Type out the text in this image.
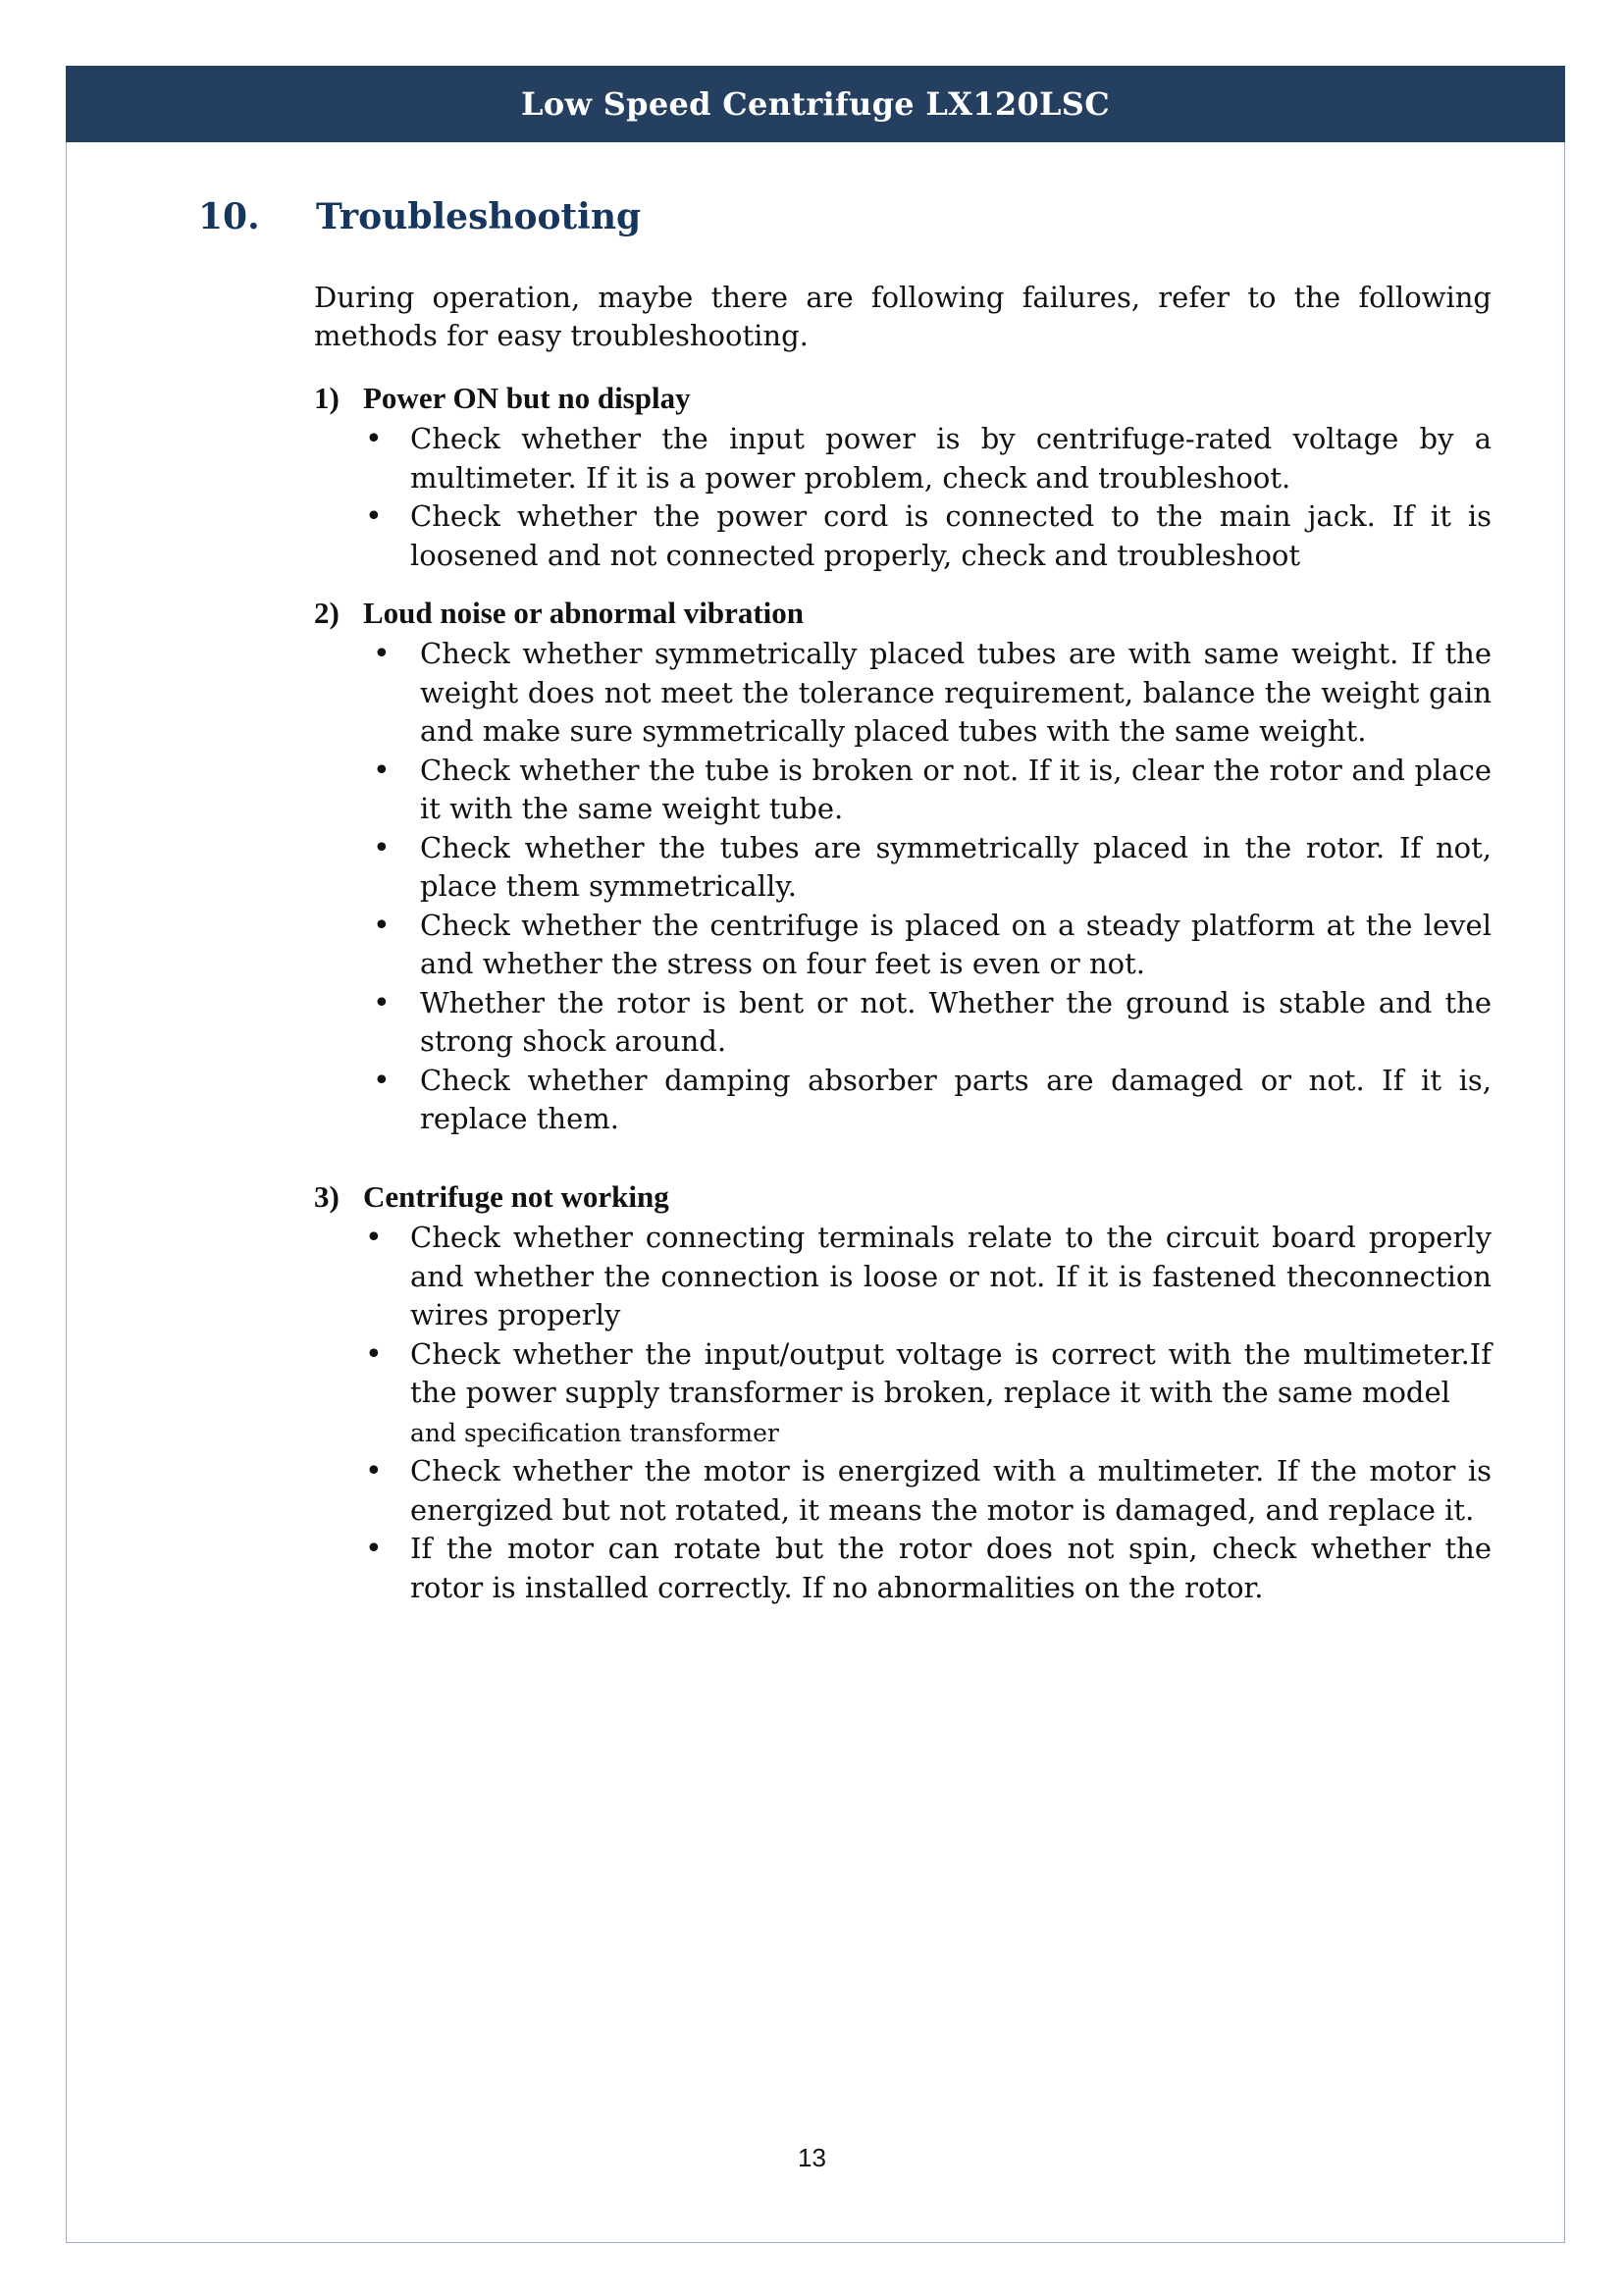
Low Speed Centrifuge LX120LSC
10. Troubleshooting
During operation, maybe there are following failures, refer to the following methods for easy troubleshooting.
1) Power ON but no display
• Check whether the input power is by centrifuge-rated voltage by a multimeter. If it is a power problem, check and troubleshoot.
• Check whether the power cord is connected to the main jack. If it is loosened and not connected properly, check and troubleshoot
2) Loud noise or abnormal vibration
• Check whether symmetrically placed tubes are with same weight. If the weight does not meet the tolerance requirement, balance the weight gain and make sure symmetrically placed tubes with the same weight.
• Check whether the tube is broken or not. If it is, clear the rotor and place it with the same weight tube.
• Check whether the tubes are symmetrically placed in the rotor. If not, place them symmetrically.
• Check whether the centrifuge is placed on a steady platform at the level and whether the stress on four feet is even or not.
• Whether the rotor is bent or not. Whether the ground is stable and the strong shock around.
• Check whether damping absorber parts are damaged or not. If it is, replace them.
3) Centrifuge not working
• Check whether connecting terminals relate to the circuit board properly and whether the connection is loose or not. If it is fastened theconnection wires properly
• Check whether the input/output voltage is correct with the multimeter.If the power supply transformer is broken, replace it with the same model
and specification transformer
• Check whether the motor is energized with a multimeter. If the motor is energized but not rotated, it means the motor is damaged, and replace it.
• If the motor can rotate but the rotor does not spin, check whether the rotor is installed correctly. If no abnormalities on the rotor.
13
